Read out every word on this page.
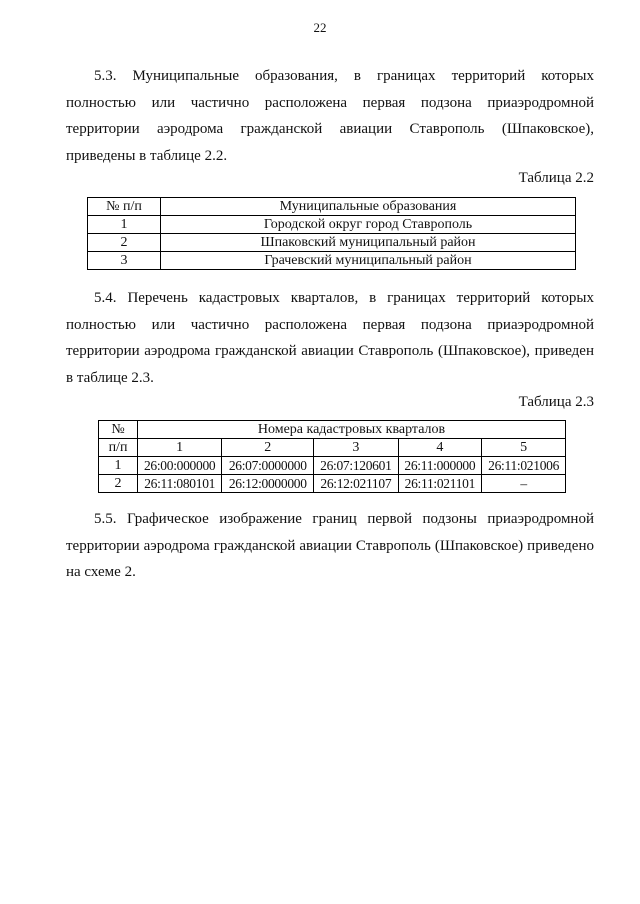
22

5.3. Муниципальные образования, в границах территорий которых полностью или частично расположена первая подзона приаэродромной территории аэродрома гражданской авиации Ставрополь (Шпаковское), приведены в таблице 2.2.

Таблица 2.2
№ п/п	Муниципальные образования
1	Городской округ город Ставрополь
2	Шпаковский муниципальный район
3	Грачевский муниципальный район

5.4. Перечень кадастровых кварталов, в границах территорий которых полностью или частично расположена первая подзона приаэродромной территории аэродрома гражданской авиации Ставрополь (Шпаковское), приведен в таблице 2.3.

Таблица 2.3
№	Номера кадастровых кварталов				
п/п	1	2	3	4	5
1	26:00:000000	26:07:0000000	26:07:120601	26:11:000000	26:11:021006
2	26:11:080101	26:12:0000000	26:12:021107	26:11:021101	–

5.5. Графическое изображение границ первой подзоны приаэродромной территории аэродрома гражданской авиации Ставрополь (Шпаковское) приведено на схеме 2.
